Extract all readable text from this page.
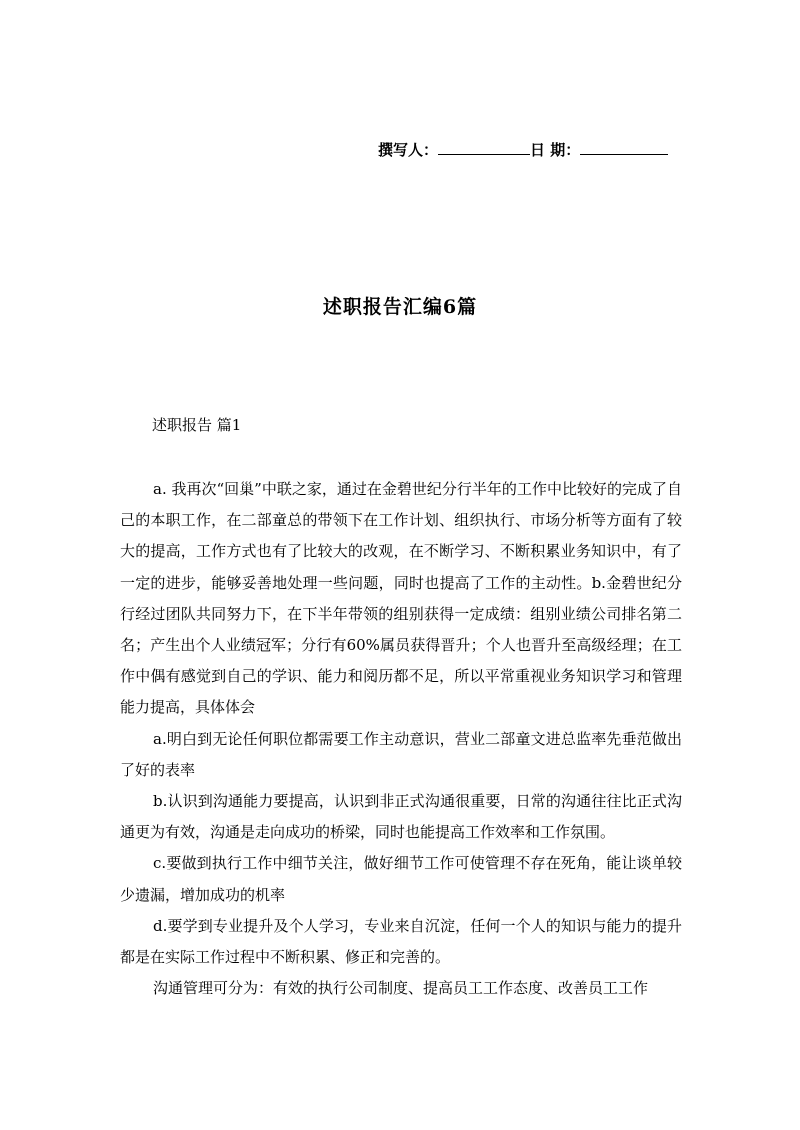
撰写人：	日 期：
述职报告汇编6篇
述职报告 篇1

a. 我再次“回巢”中联之家，通过在金碧世纪分行半年的工作中比较好的完成了自己的本职工作，在二部童总的带领下在工作计划、组织执行、市场分析等方面有了较大的提高，工作方式也有了比较大的改观，在不断学习、不断积累业务知识中，有了一定的进步，能够妥善地处理一些问题，同时也提高了工作的主动性。b.金碧世纪分行经过团队共同努力下，在下半年带领的组别获得一定成绩：组别业绩公司排名第二名；产生出个人业绩冠军；分行有60%属员获得晋升；个人也晋升至高级经理；在工作中偶有感觉到自己的学识、能力和阅历都不足，所以平常重视业务知识学习和管理能力提高，具体体会

a.明白到无论任何职位都需要工作主动意识，营业二部童文进总监率先垂范做出了好的表率

b.认识到沟通能力要提高，认识到非正式沟通很重要，日常的沟通往往比正式沟通更为有效，沟通是走向成功的桥梁，同时也能提高工作效率和工作氛围。

c.要做到执行工作中细节关注，做好细节工作可使管理不存在死角，能让谈单较少遗漏，增加成功的机率

d.要学到专业提升及个人学习，专业来自沉淀，任何一个人的知识与能力的提升都是在实际工作过程中不断积累、修正和完善的。

沟通管理可分为：有效的执行公司制度、提高员工工作态度、改善员工工作
